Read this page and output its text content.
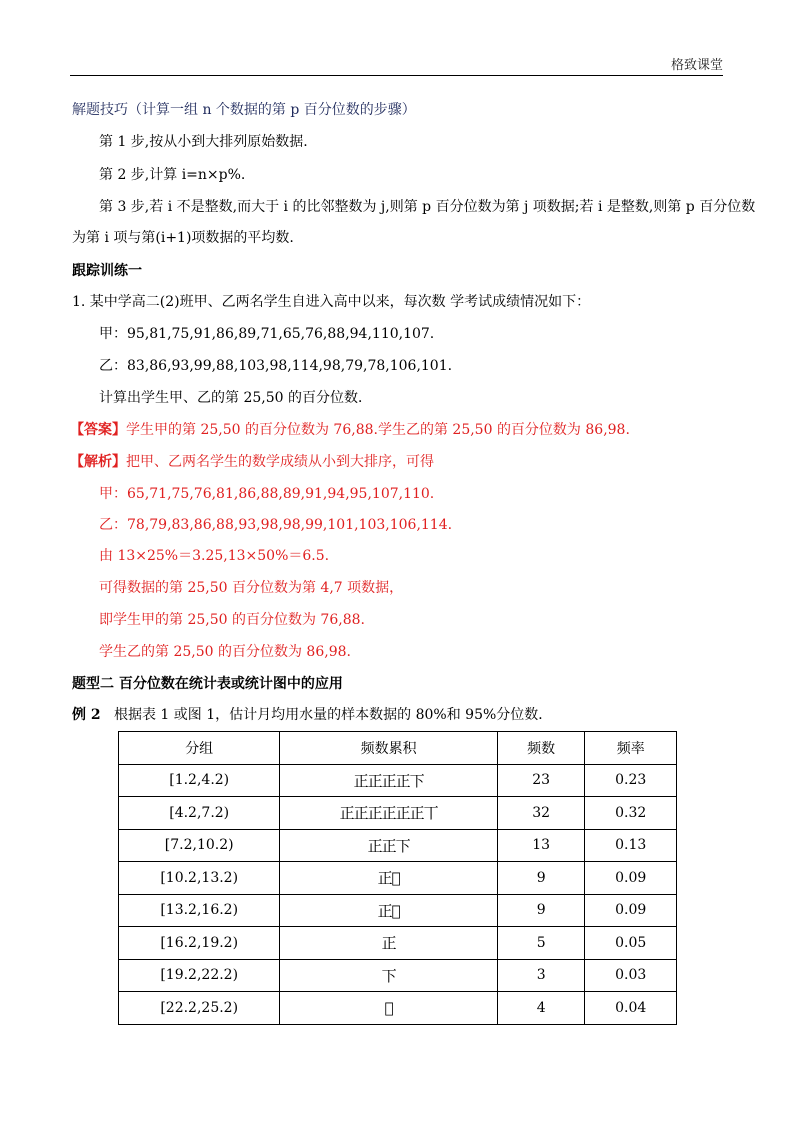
格致课堂
解题技巧（计算一组 n 个数据的第 p 百分位数的步骤）
第 1 步,按从小到大排列原始数据.
第 2 步,计算 i=n×p%.
第 3 步,若 i 不是整数,而大于 i 的比邻整数为 j,则第 p 百分位数为第 j 项数据;若 i 是整数,则第 p 百分位数
为第 i 项与第(i+1)项数据的平均数.
跟踪训练一
1. 某中学高二(2)班甲、乙两名学生自进入高中以来，每次数 学考试成绩情况如下：
甲：95,81,75,91,86,89,71,65,76,88,94,110,107.
乙：83,86,93,99,88,103,98,114,98,79,78,106,101.
计算出学生甲、乙的第 25,50 的百分位数．
【答案】学生甲的第 25,50 的百分位数为 76,88.学生乙的第 25,50 的百分位数为 86,98.
【解析】把甲、乙两名学生的数学成绩从小到大排序，可得
甲：65,71,75,76,81,86,88,89,91,94,95,107,110.
乙：78,79,83,86,88,93,98,98,99,101,103,106,114.
由 13×25%＝3.25,13×50%＝6.5.
可得数据的第 25,50 百分位数为第 4,7 项数据，
即学生甲的第 25,50 的百分位数为 76,88.
学生乙的第 25,50 的百分位数为 86,98.
题型二 百分位数在统计表或统计图中的应用
例 2 根据表 1 或图 1，估计月均用水量的样本数据的 80%和 95%分位数．
分组	频数累积	频数	频率
[1.2,4.2)	正正正正下	23	0.23
[4.2,7.2)	正正正正正正丅	32	0.32
[7.2,10.2)	正正下	13	0.13
[10.2,13.2)	正𬼂	9	0.09
[13.2,16.2)	正𬼂	9	0.09
[16.2,19.2)	正	5	0.05
[19.2,22.2)	下	3	0.03
[22.2,25.2)	𬼂	4	0.04
